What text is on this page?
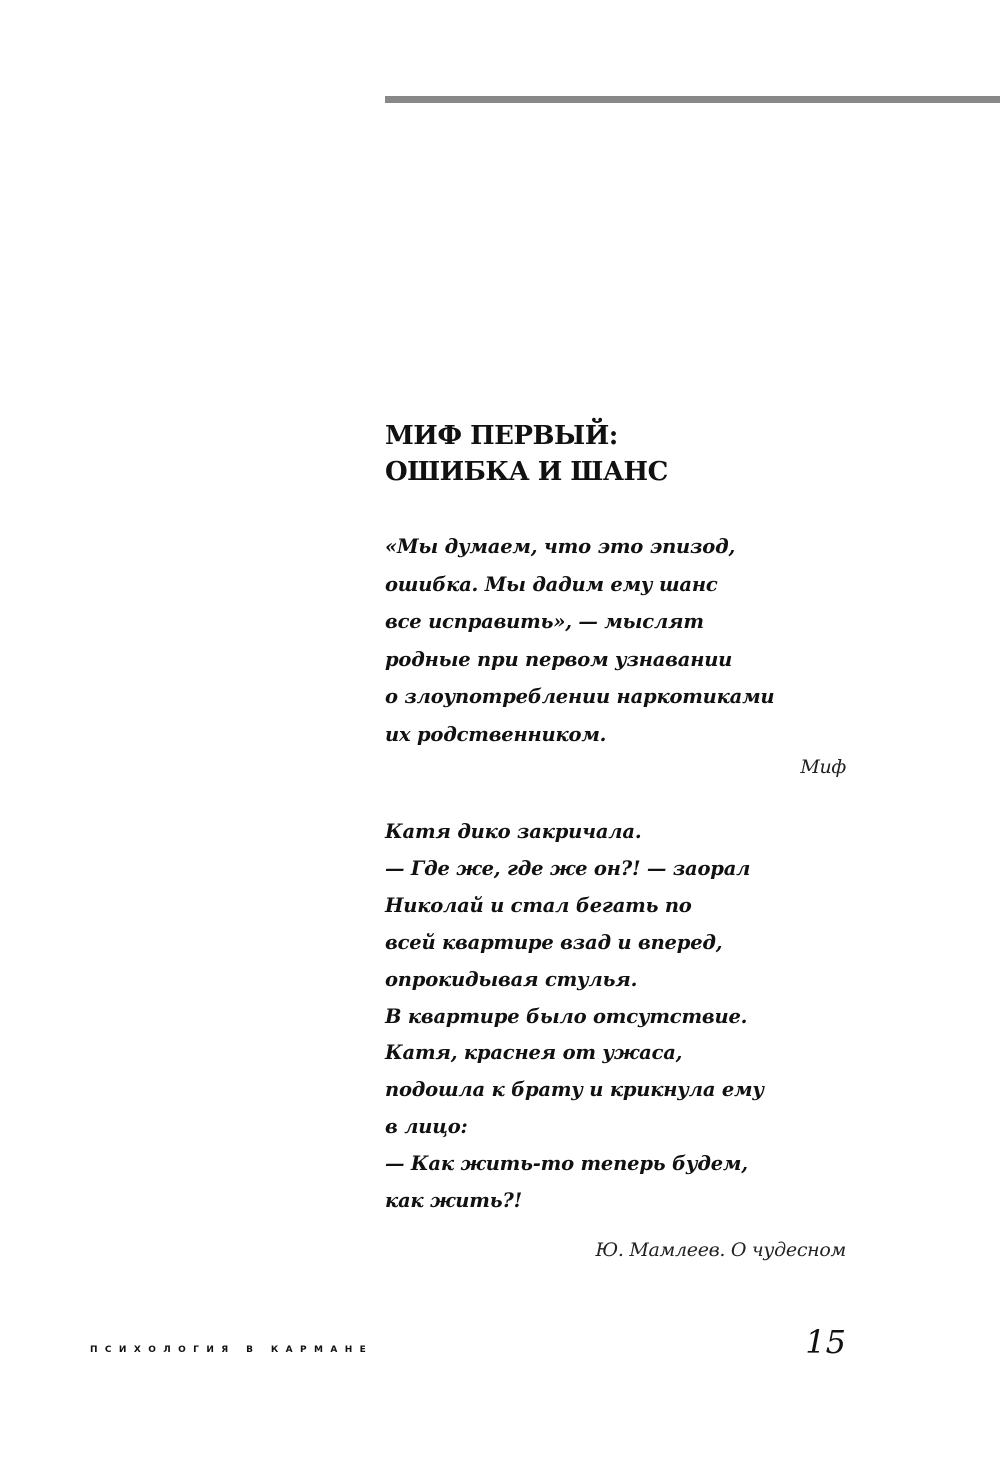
МИФ ПЕРВЫЙ:
ОШИБКА И ШАНС
«Мы думаем, что это эпизод,
ошибка. Мы дадим ему шанс
все исправить», — мыслят
родные при первом узнавании
о злоупотреблении наркотиками
их родственником.
Миф
Катя дико закричала.
— Где же, где же он?! — заорал
Николай и стал бегать по
всей квартире взад и вперед,
опрокидывая стулья.
В квартире было отсутствие.
Катя, краснея от ужаса,
подошла к брату и крикнула ему
в лицо:
— Как жить-то теперь будем,
как жить?!
Ю. Мамлеев. О чудесном
ПСИХОЛОГИЯ В КАРМАНЕ	15
